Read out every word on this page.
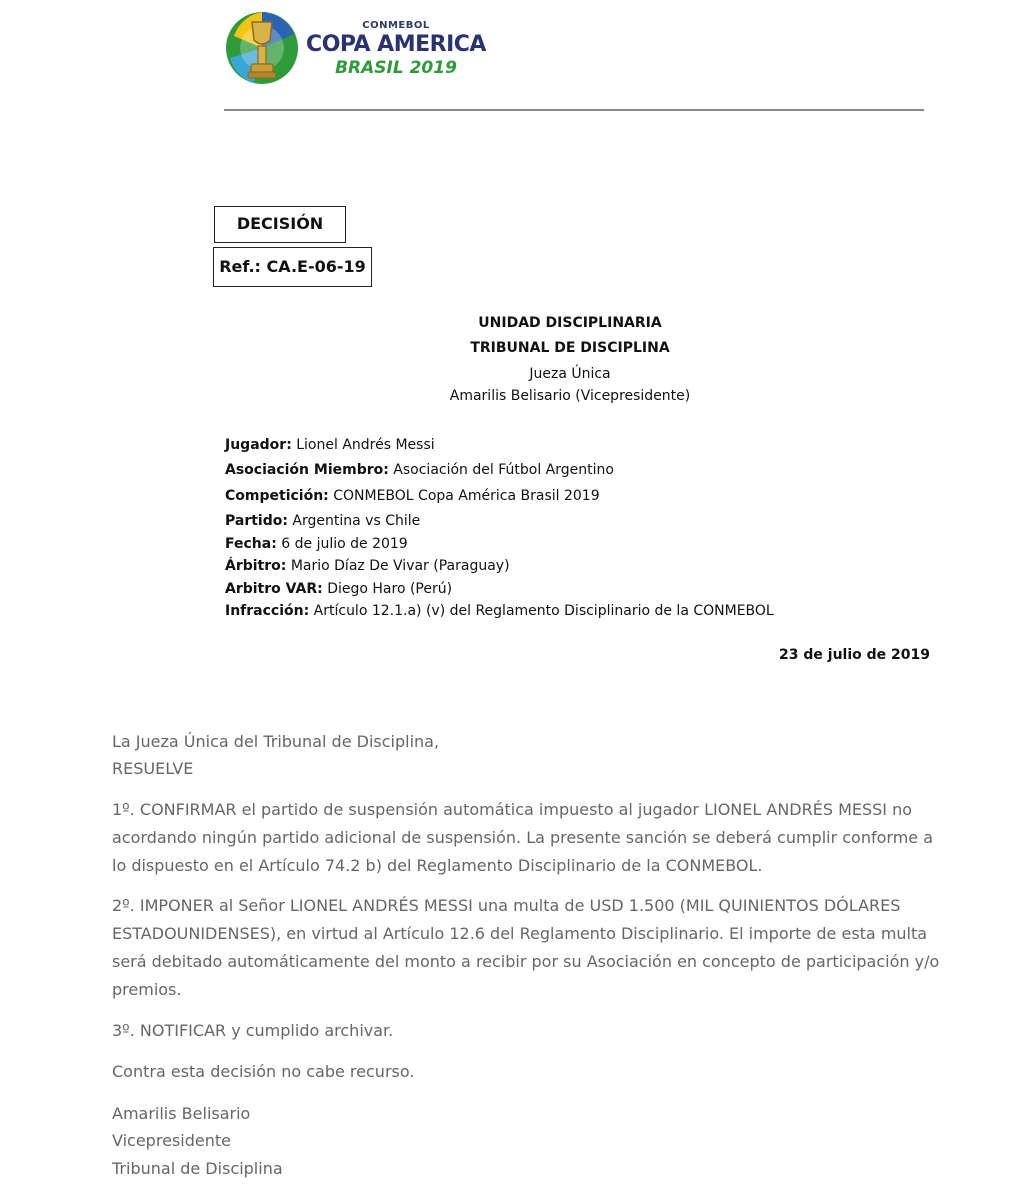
CONMEBOL
COPA AMERICA
BRASIL 2019
DECISIÓN
Ref.: CA.E-06-19
UNIDAD DISCIPLINARIA
TRIBUNAL DE DISCIPLINA
Jueza Única
Amarilis Belisario (Vicepresidente)
Jugador: Lionel Andrés Messi
Asociación Miembro: Asociación del Fútbol Argentino
Competición: CONMEBOL Copa América Brasil 2019
Partido: Argentina vs Chile
Fecha: 6 de julio de 2019
Árbitro: Mario Díaz De Vivar (Paraguay)
Arbitro VAR: Diego Haro (Perú)
Infracción: Artículo 12.1.a) (v) del Reglamento Disciplinario de la CONMEBOL
23 de julio de 2019
La Jueza Única del Tribunal de Disciplina,
RESUELVE
1º. CONFIRMAR el partido de suspensión automática impuesto al jugador LIONEL ANDRÉS MESSI no acordando ningún partido adicional de suspensión. La presente sanción se deberá cumplir conforme a lo dispuesto en el Artículo 74.2 b) del Reglamento Disciplinario de la CONMEBOL.
2º. IMPONER al Señor LIONEL ANDRÉS MESSI una multa de USD 1.500 (MIL QUINIENTOS DÓLARES ESTADOUNIDENSES), en virtud al Artículo 12.6 del Reglamento Disciplinario. El importe de esta multa será debitado automáticamente del monto a recibir por su Asociación en concepto de participación y/o premios.
3º. NOTIFICAR y cumplido archivar.
Contra esta decisión no cabe recurso.
Amarilis Belisario
Vicepresidente
Tribunal de Disciplina
